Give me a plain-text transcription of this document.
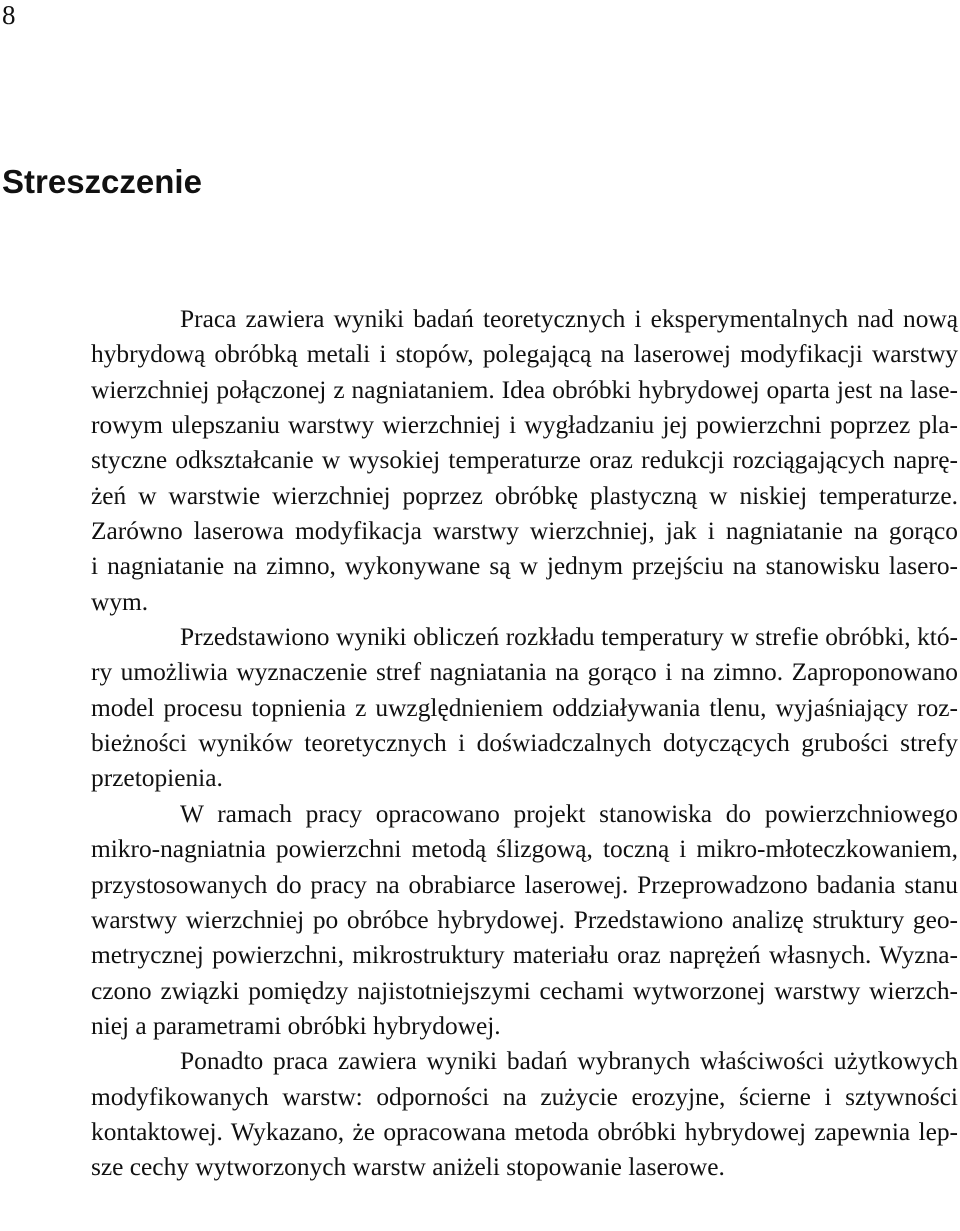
8
Streszczenie
Praca zawiera wyniki badań teoretycznych i eksperymentalnych nad nową
hybrydową obróbką metali i stopów, polegającą na laserowej modyfikacji warstwy
wierzchniej połączonej z nagniataniem. Idea obróbki hybrydowej oparta jest na lase-
rowym ulepszaniu warstwy wierzchniej i wygładzaniu jej powierzchni poprzez pla-
styczne odkształcanie w wysokiej temperaturze oraz redukcji rozciągających naprę-
żeń w warstwie wierzchniej poprzez obróbkę plastyczną w niskiej temperaturze.
Zarówno laserowa modyfikacja warstwy wierzchniej, jak i nagniatanie na gorąco
i nagniatanie na zimno, wykonywane są w jednym przejściu na stanowisku lasero-
wym.
Przedstawiono wyniki obliczeń rozkładu temperatury w strefie obróbki, któ-
ry umożliwia wyznaczenie stref nagniatania na gorąco i na zimno. Zaproponowano
model procesu topnienia z uwzględnieniem oddziaływania tlenu, wyjaśniający roz-
bieżności wyników teoretycznych i doświadczalnych dotyczących grubości strefy
przetopienia.
W ramach pracy opracowano projekt stanowiska do powierzchniowego
mikro-nagniatnia powierzchni metodą ślizgową, toczną i mikro-młoteczkowaniem,
przystosowanych do pracy na obrabiarce laserowej. Przeprowadzono badania stanu
warstwy wierzchniej po obróbce hybrydowej. Przedstawiono analizę struktury geo-
metrycznej powierzchni, mikrostruktury materiału oraz naprężeń własnych. Wyzna-
czono związki pomiędzy najistotniejszymi cechami wytworzonej warstwy wierzch-
niej a parametrami obróbki hybrydowej.
Ponadto praca zawiera wyniki badań wybranych właściwości użytkowych
modyfikowanych warstw: odporności na zużycie erozyjne, ścierne i sztywności
kontaktowej. Wykazano, że opracowana metoda obróbki hybrydowej zapewnia lep-
sze cechy wytworzonych warstw aniżeli stopowanie laserowe.
